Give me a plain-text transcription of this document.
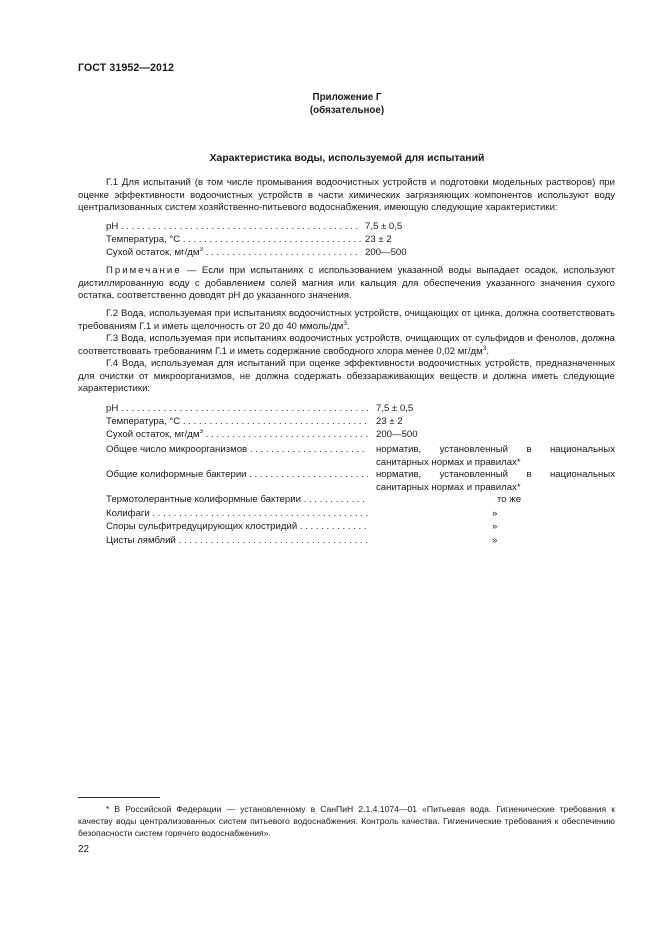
ГОСТ 31952—2012
Приложение Г
(обязательное)
Характеристика воды, используемой для испытаний
Г.1 Для испытаний (в том числе промывания водоочистных устройств и подготовки модельных растворов) при оценке эффективности водоочистных устройств в части химических загрязняющих компонентов используют воду централизованных систем хозяйственно-питьевого водоснабжения, имеющую следующие характеристики:
pH . . .	7,5 ± 0,5
Температура, °С . . .	23 ± 2
Сухой остаток, $мг/дм^3$ . . .	200—500
Примечание — Если при испытаниях с использованием указанной воды выпадает осадок, используют дистиллированную воду с добавлением солей магния или кальция для обеспечения указанного значения сухого остатка, соответственно доводят pH до указанного значения.
Г.2 Вода, используемая при испытаниях водоочистных устройств, очищающих от цинка, должна соответствовать требованиям Г.1 и иметь щелочность от 20 до 40 ммоль/$дм^3$.
Г.3 Вода, используемая при испытаниях водоочистных устройств, очищающих от сульфидов и фенолов, должна соответствовать требованиям Г.1 и иметь содержание свободного хлора менее 0,02 $мг/дм^3$.
Г.4 Вода, используемая для испытаний при оценке эффективности водоочистных устройств, предназначенных для очистки от микроорганизмов, не должна содержать обеззараживающих веществ и должна иметь следующие характеристики:
pH . . .	7,5 ± 0,5
Температура, °С . . .	23 ± 2
Сухой остаток, $мг/дм^3$ . . .	200—500
Общее число микроорганизмов . . .	норматив, установленный в национальных санитарных нормах и правилах*
Общие колиформные бактерии . . .	норматив, установленный в национальных санитарных нормах и правилах*
Термотолерантные колиформные бактерии . . .	то же
Колифаги . . .	»
Споры сульфитредуцирующих клостридий . . .	»
Цисты лямблий . . .	»
* В Российской Федерации — установленному в СанПиН 2.1.4.1074—01 «Питьевая вода. Гигиенические требования к качеству воды централизованных систем питьевого водоснабжения. Контроль качества. Гигиенические требования к обеспечению безопасности систем горячего водоснабжения».
22
